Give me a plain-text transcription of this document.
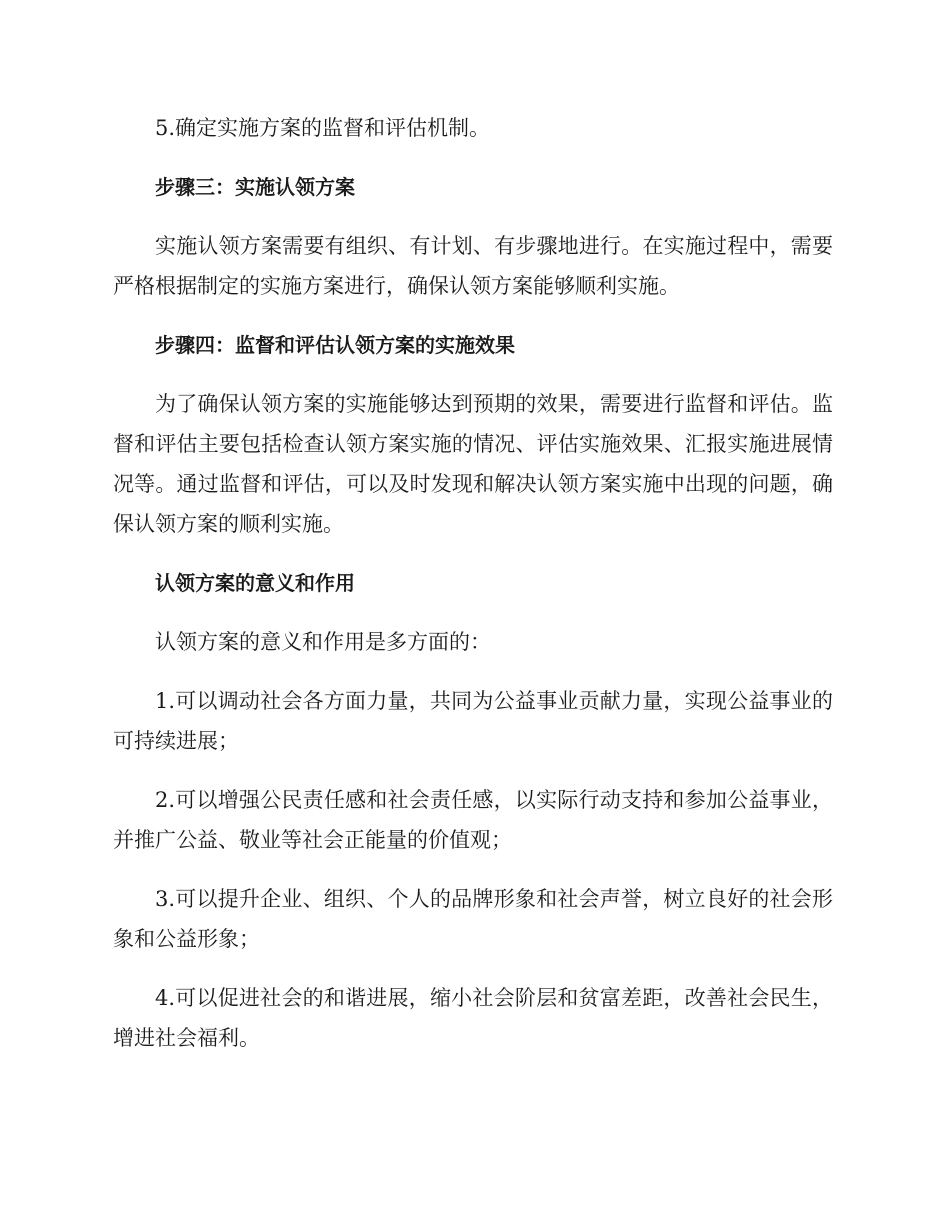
5.确定实施方案的监督和评估机制。

步骤三：实施认领方案

实施认领方案需要有组织、有计划、有步骤地进行。在实施过程中，需要严格根据制定的实施方案进行，确保认领方案能够顺利实施。

步骤四：监督和评估认领方案的实施效果

为了确保认领方案的实施能够达到预期的效果，需要进行监督和评估。监督和评估主要包括检查认领方案实施的情况、评估实施效果、汇报实施进展情况等。通过监督和评估，可以及时发现和解决认领方案实施中出现的问题，确保认领方案的顺利实施。

认领方案的意义和作用

认领方案的意义和作用是多方面的：

1.可以调动社会各方面力量，共同为公益事业贡献力量，实现公益事业的可持续进展；

2.可以增强公民责任感和社会责任感，以实际行动支持和参加公益事业，并推广公益、敬业等社会正能量的价值观；

3.可以提升企业、组织、个人的品牌形象和社会声誉，树立良好的社会形象和公益形象；

4.可以促进社会的和谐进展，缩小社会阶层和贫富差距，改善社会民生，增进社会福利。
